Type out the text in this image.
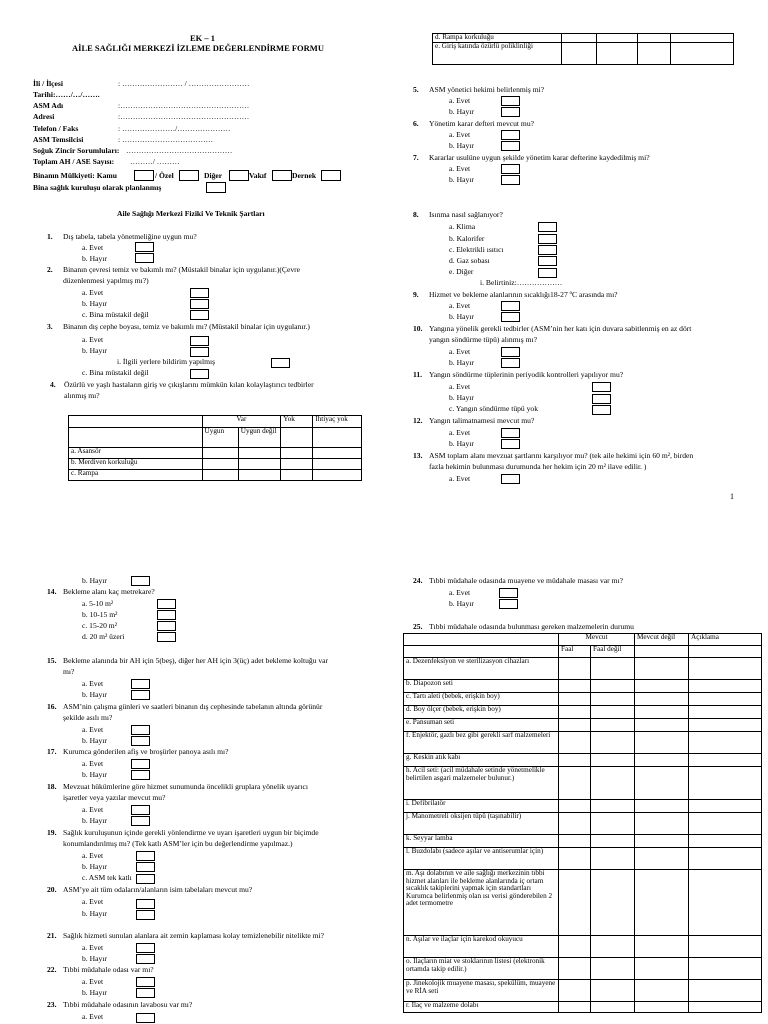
EK – 1
AİLE SAĞLIĞI MERKEZİ İZLEME DEĞERLENDİRME FORMU
İli / İlçesi	: …………………… / ……………………
Tarihi:……/…/…….
ASM Adı	:……………………………………………
Adresi	:……………………………………………
Telefon / Faks	: …………………/…………………
ASM Temsilcisi	: ………………………………
Soğuk Zincir Sorumluları: ……………………………………
Toplam AH / ASE Sayısı: ………/ ………
Binanın Mülkiyeti: Kamu	/ Özel	Diğer	Vakıf	Dernek
Bina sağlık kuruluşu olarak planlanmış
Aile Sağlığı Merkezi Fiziki Ve Teknik Şartları
1. Dış tabela, tabela yönetmeliğine uygun mu?
a. Evet
b. Hayır
2. Binanın çevresi temiz ve bakımlı mı? (Müstakil binalar için uygulanır.)(Çevre
düzenlenmesi yapılmış mı?)
a. Evet
b. Hayır
c. Bina müstakil değil
3. Binanın dış cephe boyası, temiz ve bakımlı mı? (Müstakil binalar için uygulanır.)
a. Evet
b. Hayır
i. İlgili yerlere bildirim yapılmış
c. Bina müstakil değil
4. Özürlü ve yaşlı hastaların giriş ve çıkışlarını mümkün kılan kolaylaştırıcı tedbirler
alınmış mı?
	Var		Yok	İhtiyaç yok
	Uygun	Uygun değil		
a. Asansör				
b. Merdiven korkuluğu				
c. Rampa				
d. Rampa korkuluğu				
e. Giriş katında özürlü poliklinliği				
5. ASM yönetici hekimi belirlenmiş mi?
a. Evet
b. Hayır
6. Yönetim karar defteri mevcut mu?
a. Evet
b. Hayır
7. Kararlar usulüne uygun şekilde yönetim karar defterine kaydedilmiş mi?
a. Evet
b. Hayır
8. Isınma nasıl sağlanıyor?
a. Klima
b. Kalorifer
c. Elektrikli ısıtıcı
d. Gaz sobası
e. Diğer
i. Belirtiniz:………………
9. Hizmet ve bekleme alanlarının sıcaklığı18-27 ºC arasında mı?
a. Evet
b. Hayır
10. Yangına yönelik gerekli tedbirler (ASM’nin her katı için duvara sabitlenmiş en az dört
yangın söndürme tüpü) alınmış mı?
a. Evet
b. Hayır
11. Yangın söndürme tüplerinin periyodik kontrolleri yapılıyor mu?
a. Evet
b. Hayır
c. Yangın söndürme tüpü yok
12. Yangın talimatnamesi mevcut mu?
a. Evet
b. Hayır
13. ASM toplam alanı mevzuat şartlarını karşılıyor mu? (tek aile hekimi için 60 m², birden
fazla hekimin bulunması durumunda her hekim için 20 m² ilave edilir. )
a. Evet
1
b. Hayır
14. Bekleme alanı kaç metrekare?
a. 5-10 m²
b. 10-15 m²
c. 15-20 m²
d. 20 m² üzeri
15. Bekleme alanında bir AH için 5(beş), diğer her AH için 3(üç) adet bekleme koltuğu var
mı?
a. Evet
b. Hayır
16. ASM’nin çalışma günleri ve saatleri binanın dış cephesinde tabelanın altında görünür
şekilde asılı mı?
a. Evet
b. Hayır
17. Kurumca gönderilen afiş ve broşürler panoya asılı mı?
a. Evet
b. Hayır
18. Mevzuat hükümlerine göre hizmet sunumunda öncelikli gruplara yönelik uyarıcı
işaretler veya yazılar mevcut mu?
a. Evet
b. Hayır
19. Sağlık kuruluşunun içinde gerekli yönlendirme ve uyarı işaretleri uygun bir biçimde
konumlandırılmış mı? (Tek katlı ASM’ler için bu değerlendirme yapılmaz.)
a. Evet
b. Hayır
c. ASM tek katlı
20. ASM’ye ait tüm odaların/alanların isim tabelaları mevcut mu?
a. Evet
b. Hayır
21. Sağlık hizmeti sunulan alanlara ait zemin kaplaması kolay temizlenebilir nitelikte mi?
a. Evet
b. Hayır
22. Tıbbi müdahale odası var mı?
a. Evet
b. Hayır
23. Tıbbi müdahale odasının lavabosu var mı?
a. Evet
24. Tıbbi müdahale odasında muayene ve müdahale masası var mı?
a. Evet
b. Hayır
25. Tıbbi müdahale odasında bulunması gereken malzemelerin durumu
	Mevcut		Mevcut değil	Açıklama
	Faal	Faal değil		
a. Dezenfeksiyon ve sterilizasyon cihazları				
b. Diapozon seti				
c. Tartı aleti (bebek, erişkin boy)				
d. Boy ölçer (bebek, erişkin boy)				
e. Pansuman seti				
f. Enjektör, gazlı bez gibi gerekli sarf malzemeleri				
g. Keskin atık kabı				
h. Acil seti: (acil müdahale setinde yönetmelikle belirtilen asgari malzemeler bulunur.)				
i. Defibrilatör				
j. Manometreli oksijen tüpü (taşınabilir)				
k. Seyyar lamba				
l. Buzdolabı (sadece aşılar ve antiserumlar için)				
m. Aşı dolabının ve aile sağlığı merkezinin tıbbi hizmet alanları ile bekleme alanlarında iç ortam sıcaklık takiplerini yapmak için standartları Kurumca belirlenmiş olan ısı verisi gönderebilen 2 adet termometre				
n. Aşılar ve ilaçlar için karekod okuyucu				
o. İlaçların miat ve stoklarının listesi (elektronik ortamda takip edilir.)				
p. Jinekolojik muayene masası, spekülüm, muayene ve RİA seti				
r. İlaç ve malzeme dolabı				
